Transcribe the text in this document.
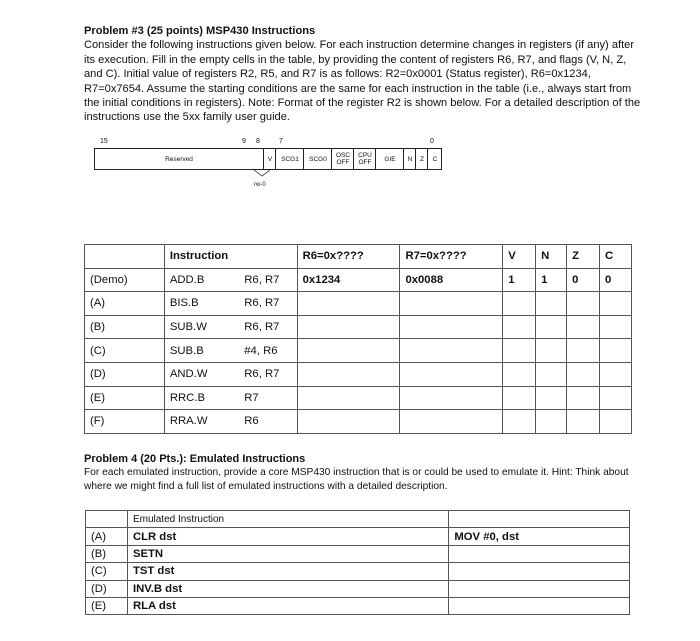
Problem #3 (25 points) MSP430 Instructions
Consider the following instructions given below. For each instruction determine changes in registers (if any) after its execution. Fill in the empty cells in the table, by providing the content of registers R6, R7, and flags (V, N, Z, and C). Initial value of registers R2, R5, and R7 is as follows: R2=0x0001 (Status register), R6=0x1234, R7=0x7654. Assume the starting conditions are the same for each instruction in the table (i.e., always start from the initial conditions in registers). Note: Format of the register R2 is shown below. For a detailed description of the instructions use the 5xx family user guide.
15	9 8	7	0
Reserved	V	SCG1	SCG0	OSC OFF
CPU OFF	GIE	N	Z	C
rw-0
	Instruction		R6=0x????	R7=0x????	V	N	Z	C
(Demo)	ADD.B	R6, R7	0x1234	0x0088	1	1	0	0
(A)	BIS.B	R6, R7						
(B)	SUB.W	R6, R7						
(C)	SUB.B	#4, R6						
(D)	AND.W	R6, R7						
(E)	RRC.B	R7						
(F)	RRA.W	R6						
Problem 4 (20 Pts.): Emulated Instructions
For each emulated instruction, provide a core MSP430 instruction that is or could be used to emulate it. Hint: Think about where we might find a full list of emulated instructions with a detailed description.
	Emulated Instruction	
(A)	CLR dst	MOV #0, dst
(B)	SETN	
(C)	TST dst	
(D)	INV.B dst	
(E)	RLA dst	
